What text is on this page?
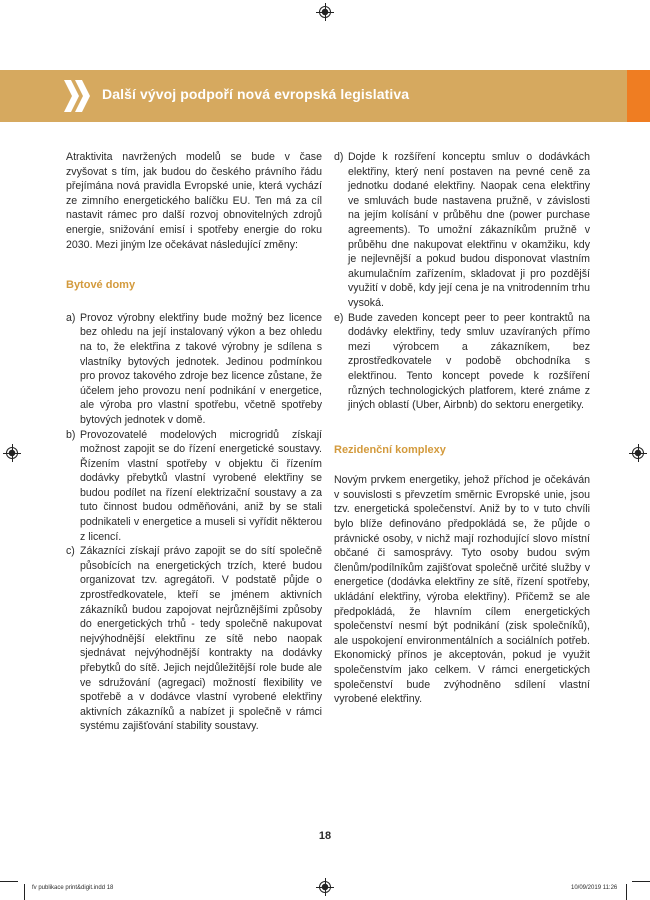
Další vývoj podpoří nová evropská legislativa

Atraktivita navržených modelů se bude v čase zvyšovat s tím, jak budou do českého právního řádu přejímána nová pravidla Evropské unie, která vychází ze zimního energetického balíčku EU. Ten má za cíl nastavit rámec pro další rozvoj obnovitelných zdrojů energie, snižování emisí i spotřeby energie do roku 2030. Mezi jiným lze očekávat následující změny:

Bytové domy

a) Provoz výrobny elektřiny bude možný bez licence bez ohledu na její instalovaný výkon a bez ohledu na to, že elektřina z takové výrobny je sdílena s vlastníky bytových jednotek. Jedinou podmínkou pro provoz takového zdroje bez licence zůstane, že účelem jeho provozu není podnikání v energetice, ale výroba pro vlastní spotřebu, včetně spotřeby bytových jednotek v domě.
b) Provozovatelé modelových microgridů získají možnost zapojit se do řízení energetické soustavy. Řízením vlastní spotřeby v objektu či řízením dodávky přebytků vlastní vyrobené elektřiny se budou podílet na řízení elektrizační soustavy a za tuto činnost budou odměňováni, aniž by se stali podnikateli v energetice a museli si vyřídit některou z licencí.
c) Zákazníci získají právo zapojit se do sítí společně působících na energetických trzích, které budou organizovat tzv. agregátoři. V podstatě půjde o zprostředkovatele, kteří se jménem aktivních zákazníků budou zapojovat nejrůznějšími způsoby do energetických trhů - tedy společně nakupovat nejvýhodnější elektřinu ze sítě nebo naopak sjednávat nejvýhodnější kontrakty na dodávky přebytků do sítě. Jejich nejdůležitější role bude ale ve sdružování (agregaci) možností flexibility ve spotřebě a v dodávce vlastní vyrobené elektřiny aktivních zákazníků a nabízet ji společně v rámci systému zajišťování stability soustavy.
d) Dojde k rozšíření konceptu smluv o dodávkách elektřiny, který není postaven na pevné ceně za jednotku dodané elektřiny. Naopak cena elektřiny ve smluvách bude nastavena pružně, v závislosti na jejím kolísání v průběhu dne (power purchase agreements). To umožní zákazníkům pružně v průběhu dne nakupovat elektřinu v okamžiku, kdy je nejlevnější a pokud budou disponovat vlastním akumulačním zařízením, skladovat ji pro pozdější využití v době, kdy její cena je na vnitrodenním trhu vysoká.
e) Bude zaveden koncept peer to peer kontraktů na dodávky elektřiny, tedy smluv uzavíraných přímo mezi výrobcem a zákazníkem, bez zprostředkovatele v podobě obchodníka s elektřinou. Tento koncept povede k rozšíření různých technologických platforem, které známe z jiných oblastí (Uber, Airbnb) do sektoru energetiky.

Rezidenční komplexy

Novým prvkem energetiky, jehož příchod je očekáván v souvislosti s převzetím směrnic Evropské unie, jsou tzv. energetická společenství. Aniž by to v tuto chvíli bylo blíže definováno předpokládá se, že půjde o právnické osoby, v nichž mají rozhodující slovo místní občané či samosprávy. Tyto osoby budou svým členům/podílníkům zajišťovat společně určité služby v energetice (dodávka elektřiny ze sítě, řízení spotřeby, ukládání elektřiny, výroba elektřiny). Přičemž se ale předpokládá, že hlavním cílem energetických společenství nesmí být podnikání (zisk společníků), ale uspokojení environmentálních a sociálních potřeb. Ekonomický přínos je akceptován, pokud je využit společenstvím jako celkem. V rámci energetických společenství bude zvýhodněno sdílení vlastní vyrobené elektřiny.

18
fv publikace print&digit.indd 18	10/09/2019 11:26
